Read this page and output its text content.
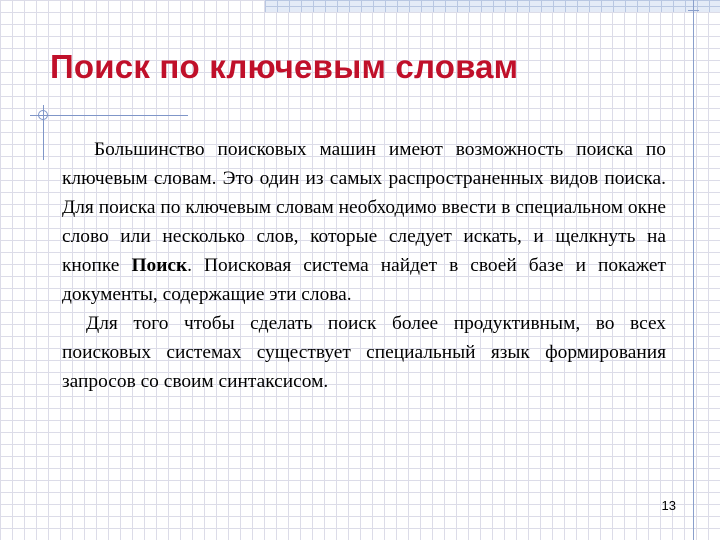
Поиск по ключевым словам

Большинство поисковых машин имеют возможность поиска по ключевым словам. Это один из самых распространенных видов поиска. Для поиска по ключевым словам необходимо ввести в специальном окне слово или несколько слов, которые следует искать, и щелкнуть на кнопке Поиск. Поисковая система найдет в своей базе и покажет документы, содержащие эти слова.

Для того чтобы сделать поиск более продуктивным, во всех поисковых системах существует специальный язык формирования запросов со своим синтаксисом.

13
